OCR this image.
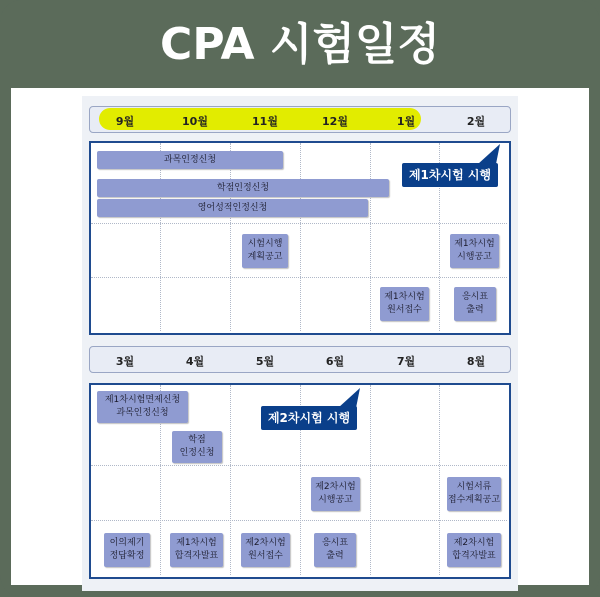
CPA 시험일정
9월	10월	11월	12월	1월	2월
과목인정신청
학점인정신청
영어성적인정신청
제1차시험 시행
시험시행
계획공고
제1차시험
시행공고
제1차시험
원서접수
응시표
출력
3월	4월	5월	6월	7월	8월
제1차시험면제신청
과목인정신청
학점
인정신청
제2차시험 시행
제2차시험
시행공고
시험서류
접수계획공고
이의제기
정답확정
제1차시험
합격자발표
제2차시험
원서접수
응시표
출력
제2차시험
합격자발표
